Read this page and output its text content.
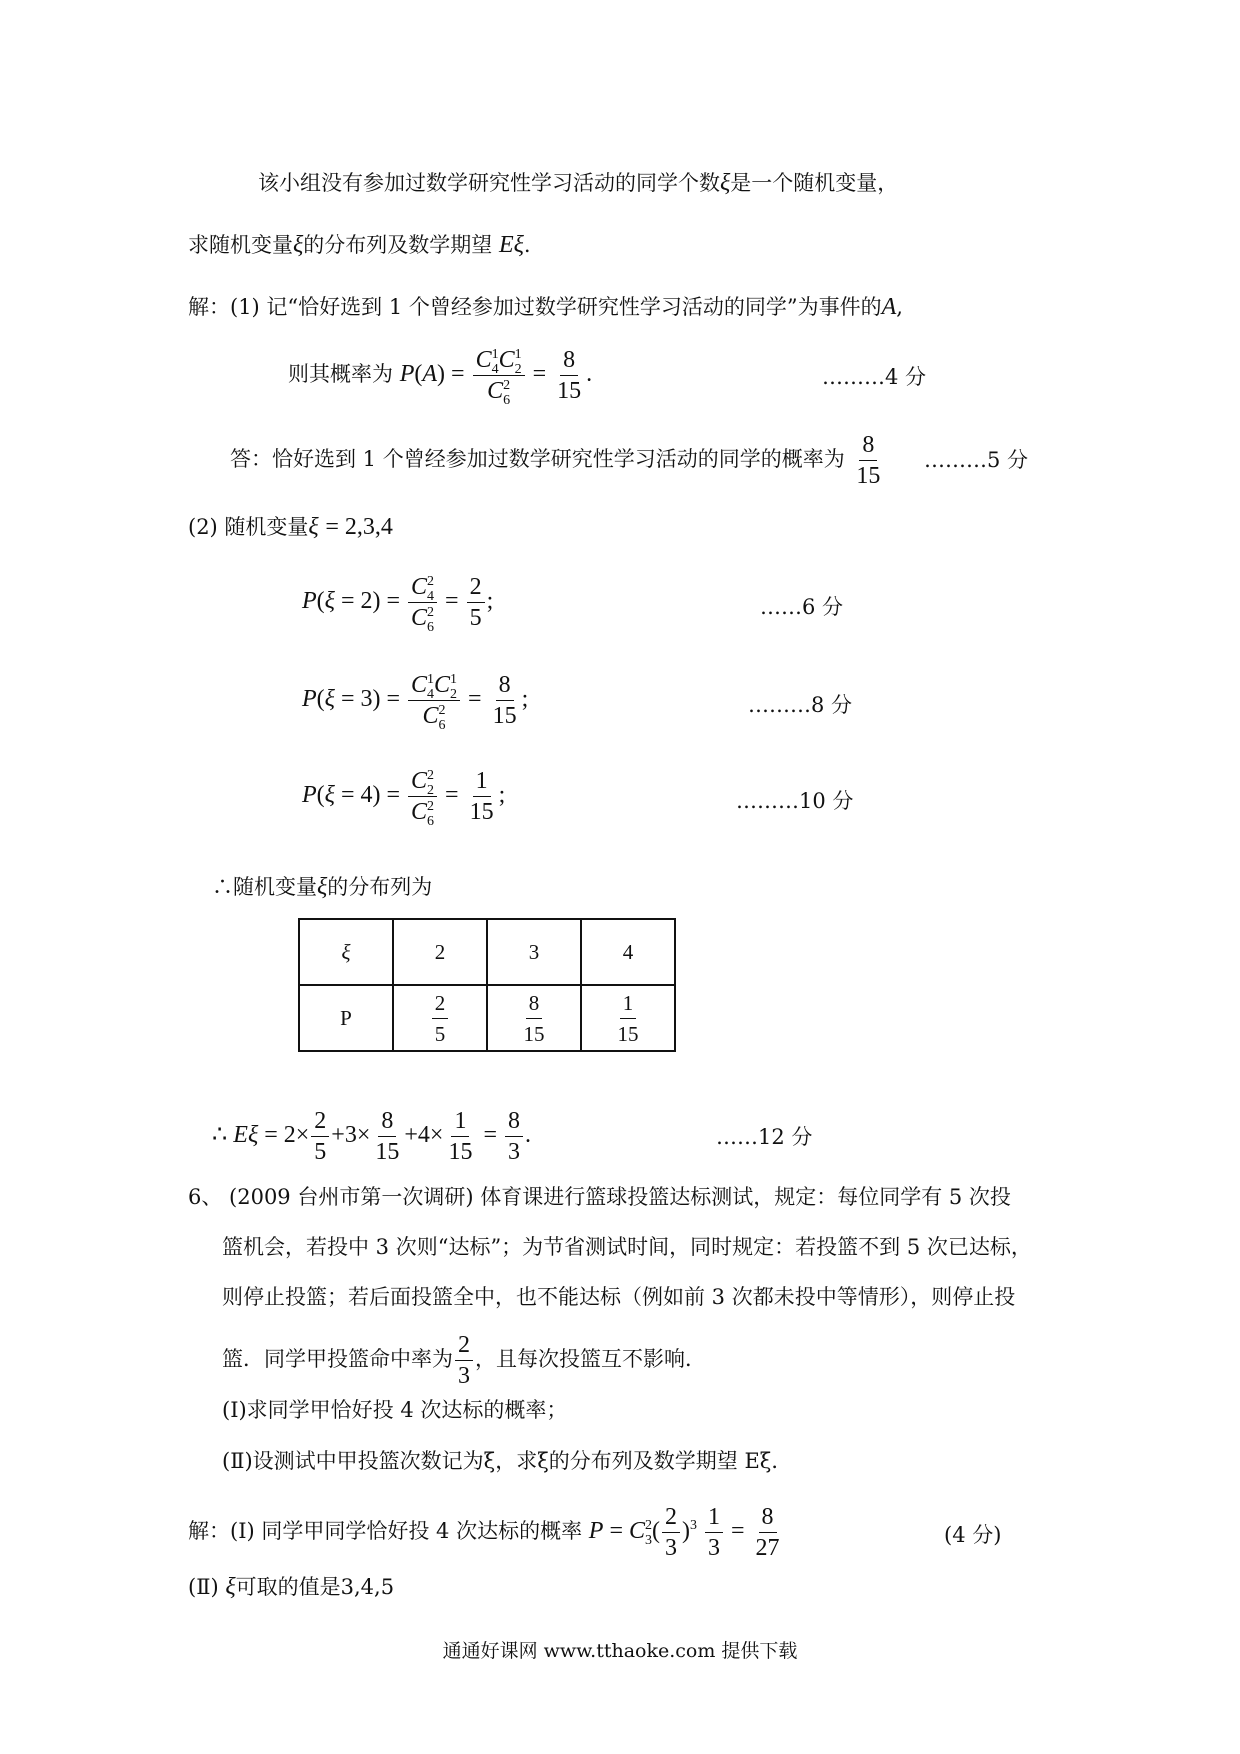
该小组没有参加过数学研究性学习活动的同学个数ξ是一个随机变量，
求随机变量ξ的分布列及数学期望 Eξ.
解：(1) 记“恰好选到 1 个曾经参加过数学研究性学习活动的同学”为事件的A,
则其概率为 $P(A) = \frac{C^1_4C^1_2}{C^2_6} = \frac{8}{15}$ .	………4 分
答：恰好选到 1 个曾经参加过数学研究性学习活动的同学的概率为 $\frac{8}{15}$ ………5 分
(2) 随机变量ξ = 2,3,4
$P(\xi = 2) = \frac{C^2_4}{C^2_6} = \frac{2}{5}$ ;	……6 分
$P(\xi = 3) = \frac{C^1_4C^1_2}{C^2_6} = \frac{8}{15}$ ;	………8 分
$P(\xi = 4) = \frac{C^2_2}{C^2_6} = \frac{1}{15}$ ;	………10 分
∴随机变量ξ的分布列为
ξ	2	3	4
P	$\frac{2}{5}$	$\frac{8}{15}$	$\frac{1}{15}$
∴ $E\xi = 2\times \frac{2}{5} +3\times \frac{8}{15} +4\times \frac{1}{15} = \frac{8}{3}$ .	……12 分
6、 (2009 台州市第一次调研) 体育课进行篮球投篮达标测试，规定：每位同学有 5 次投
篮机会，若投中 3 次则“达标”；为节省测试时间，同时规定：若投篮不到 5 次已达标，
则停止投篮；若后面投篮全中，也不能达标（例如前 3 次都未投中等情形），则停止投
篮．同学甲投篮命中率为 $\frac{2}{3}$ ，且每次投篮互不影响．
(Ⅰ)求同学甲恰好投 4 次达标的概率；
(Ⅱ)设测试中甲投篮次数记为ξ，求ξ的分布列及数学期望 Eξ．
解：(Ⅰ) 同学甲同学恰好投 4 次达标的概率 $P = C^2_3( \frac{2}{3} )^3 \frac{1}{3} = \frac{8}{27}$	(4 分)
(Ⅱ) ξ可取的值是3,4,5
通通好课网 www.tthaoke.com 提供下载
